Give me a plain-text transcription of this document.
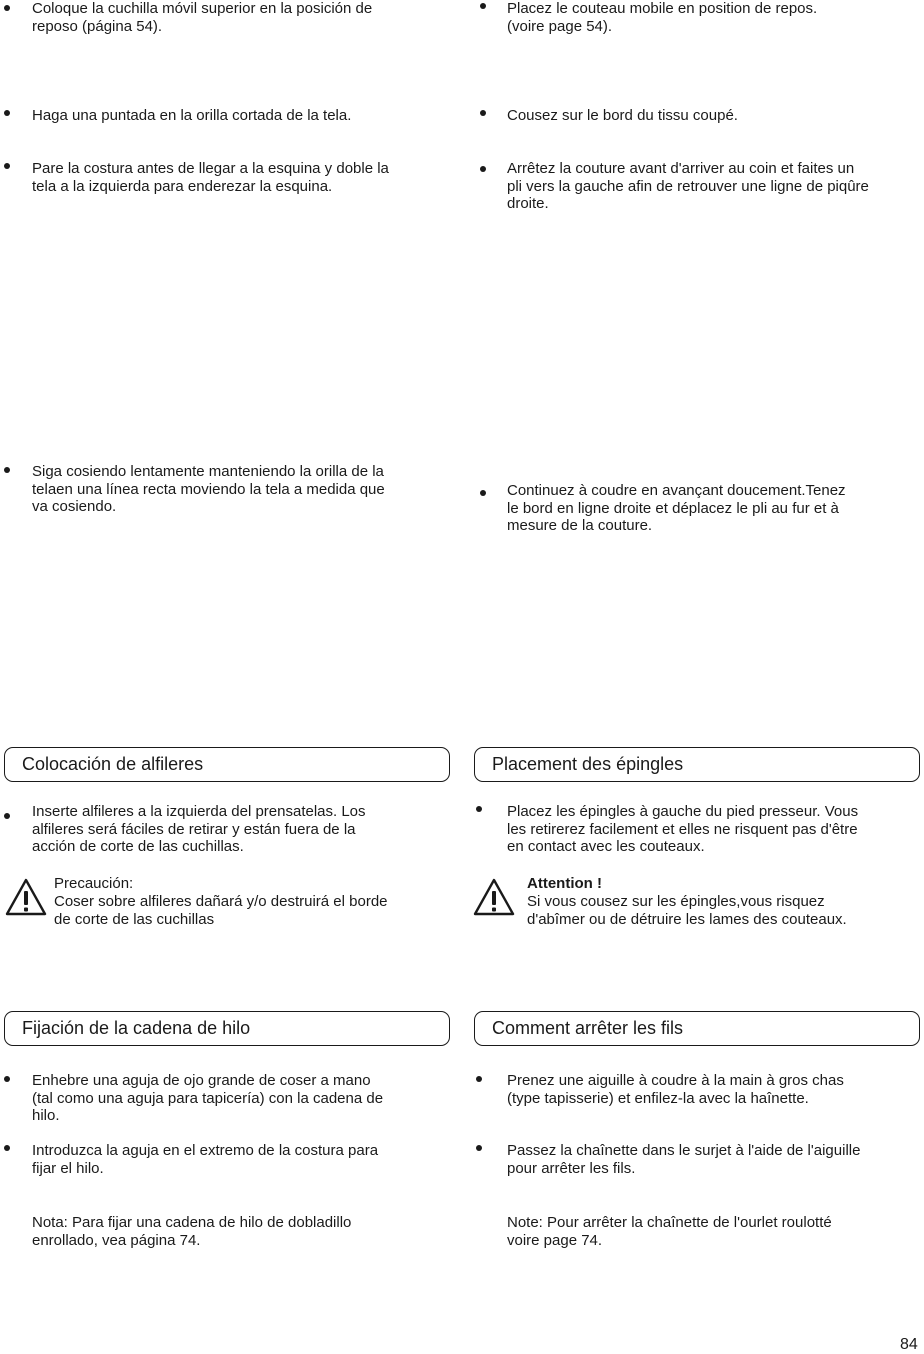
Coloque la cuchilla móvil superior en la posición de
reposo (página 54).
Haga una puntada en la orilla cortada de la tela.
Pare la costura antes de llegar a la esquina y doble la
tela a la izquierda para enderezar la esquina.
Siga cosiendo lentamente manteniendo la orilla de la
telaen una línea recta moviendo la tela a medida que
va cosiendo.
Colocación de alfileres
Inserte alfileres a la izquierda del prensatelas. Los
alfileres será fáciles de retirar y están fuera de la
acción de corte de las cuchillas.
Precaución:
Coser sobre alfileres dañará y/o destruirá el borde
de corte de las cuchillas
Fijación de la cadena de hilo
Enhebre una aguja de ojo grande de coser a mano
(tal como una aguja para tapicería) con la cadena de
hilo.
Introduzca la aguja en el extremo de la costura para
fijar el hilo.
Nota: Para fijar una cadena de hilo de dobladillo
enrollado, vea página 74.
Placez le couteau mobile en position de repos.
(voire page 54).
Cousez sur le bord du tissu coupé.
Arrêtez la couture avant d'arriver au coin et faites un
pli vers la gauche afin de retrouver une ligne de piqûre
droite.
Continuez à coudre en avançant doucement.Tenez
le bord en ligne droite et déplacez le pli au fur et à
mesure de la couture.
Placement des épingles
Placez les épingles à gauche du pied presseur. Vous
les retirerez facilement et elles ne risquent pas d'être
en contact avec les couteaux.
Attention !
Si vous cousez sur les épingles,vous risquez
d'abîmer ou de détruire les lames des couteaux.
Comment arrêter les fils
Prenez une aiguille à coudre à la main à gros chas
(type tapisserie) et enfilez-la avec la haînette.
Passez la chaînette dans le surjet à l'aide de l'aiguille
pour arrêter les fils.
Note: Pour arrêter la chaînette de l'ourlet roulotté
voire page 74.
84
